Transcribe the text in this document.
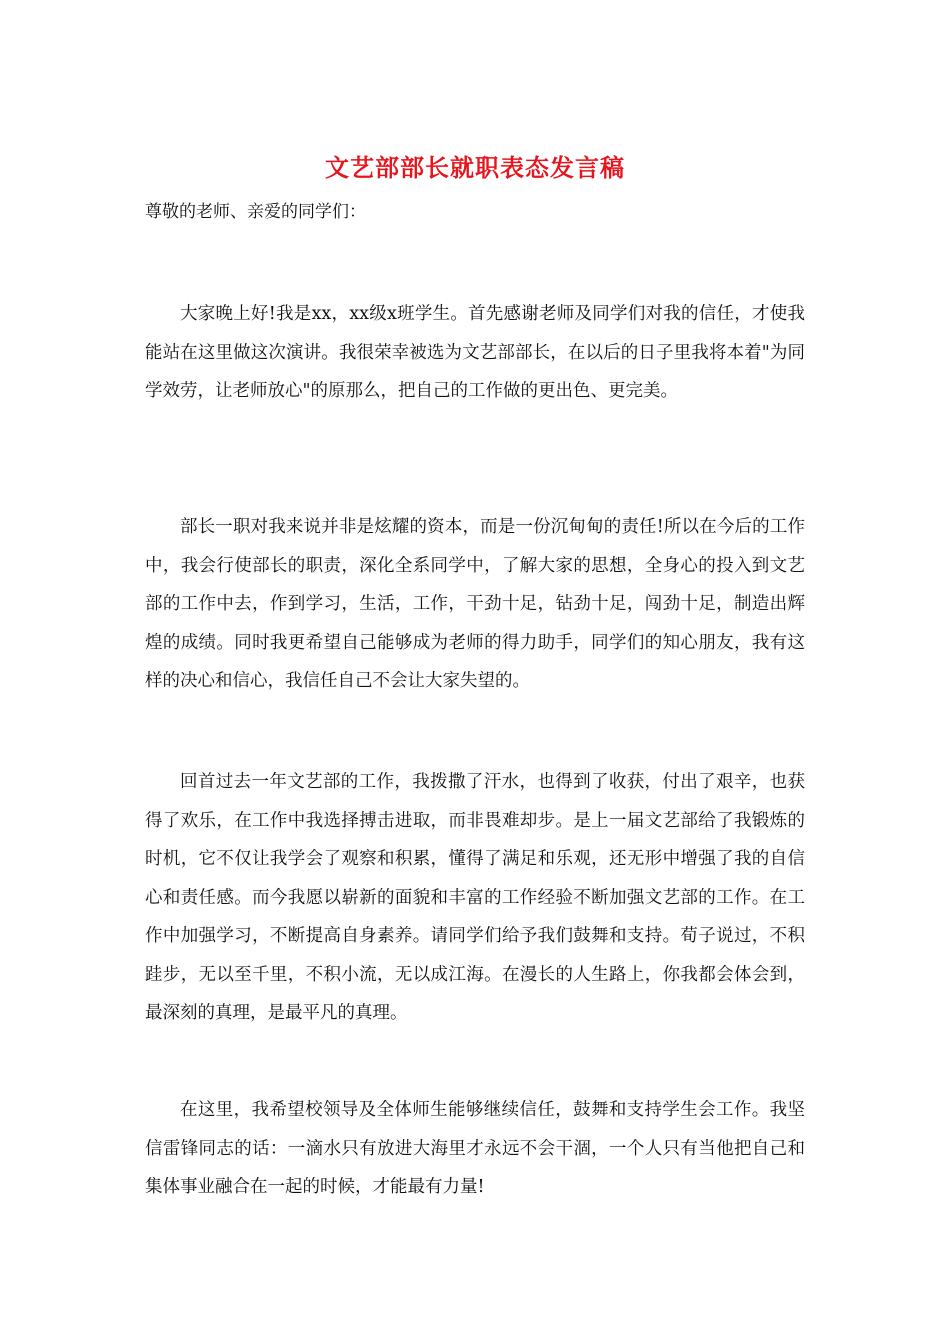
文艺部部长就职表态发言稿
尊敬的老师、亲爱的同学们：

大家晚上好!我是xx，xx级x班学生。首先感谢老师及同学们对我的信任，才使我能站在这里做这次演讲。我很荣幸被选为文艺部部长，在以后的日子里我将本着"为同学效劳，让老师放心"的原那么，把自己的工作做的更出色、更完美。

部长一职对我来说并非是炫耀的资本，而是一份沉甸甸的责任!所以在今后的工作中，我会行使部长的职责，深化全系同学中，了解大家的思想，全身心的投入到文艺部的工作中去，作到学习，生活，工作，干劲十足，钻劲十足，闯劲十足，制造出辉煌的成绩。同时我更希望自己能够成为老师的得力助手，同学们的知心朋友，我有这样的决心和信心，我信任自己不会让大家失望的。

回首过去一年文艺部的工作，我拨撒了汗水，也得到了收获，付出了艰辛，也获得了欢乐，在工作中我选择搏击进取，而非畏难却步。是上一届文艺部给了我锻炼的时机，它不仅让我学会了观察和积累，懂得了满足和乐观，还无形中增强了我的自信心和责任感。而今我愿以崭新的面貌和丰富的工作经验不断加强文艺部的工作。在工作中加强学习，不断提高自身素养。请同学们给予我们鼓舞和支持。荀子说过，不积跬步，无以至千里，不积小流，无以成江海。在漫长的人生路上，你我都会体会到，最深刻的真理，是最平凡的真理。

在这里，我希望校领导及全体师生能够继续信任，鼓舞和支持学生会工作。我坚信雷锋同志的话：一滴水只有放进大海里才永远不会干涸，一个人只有当他把自己和集体事业融合在一起的时候，才能最有力量!
